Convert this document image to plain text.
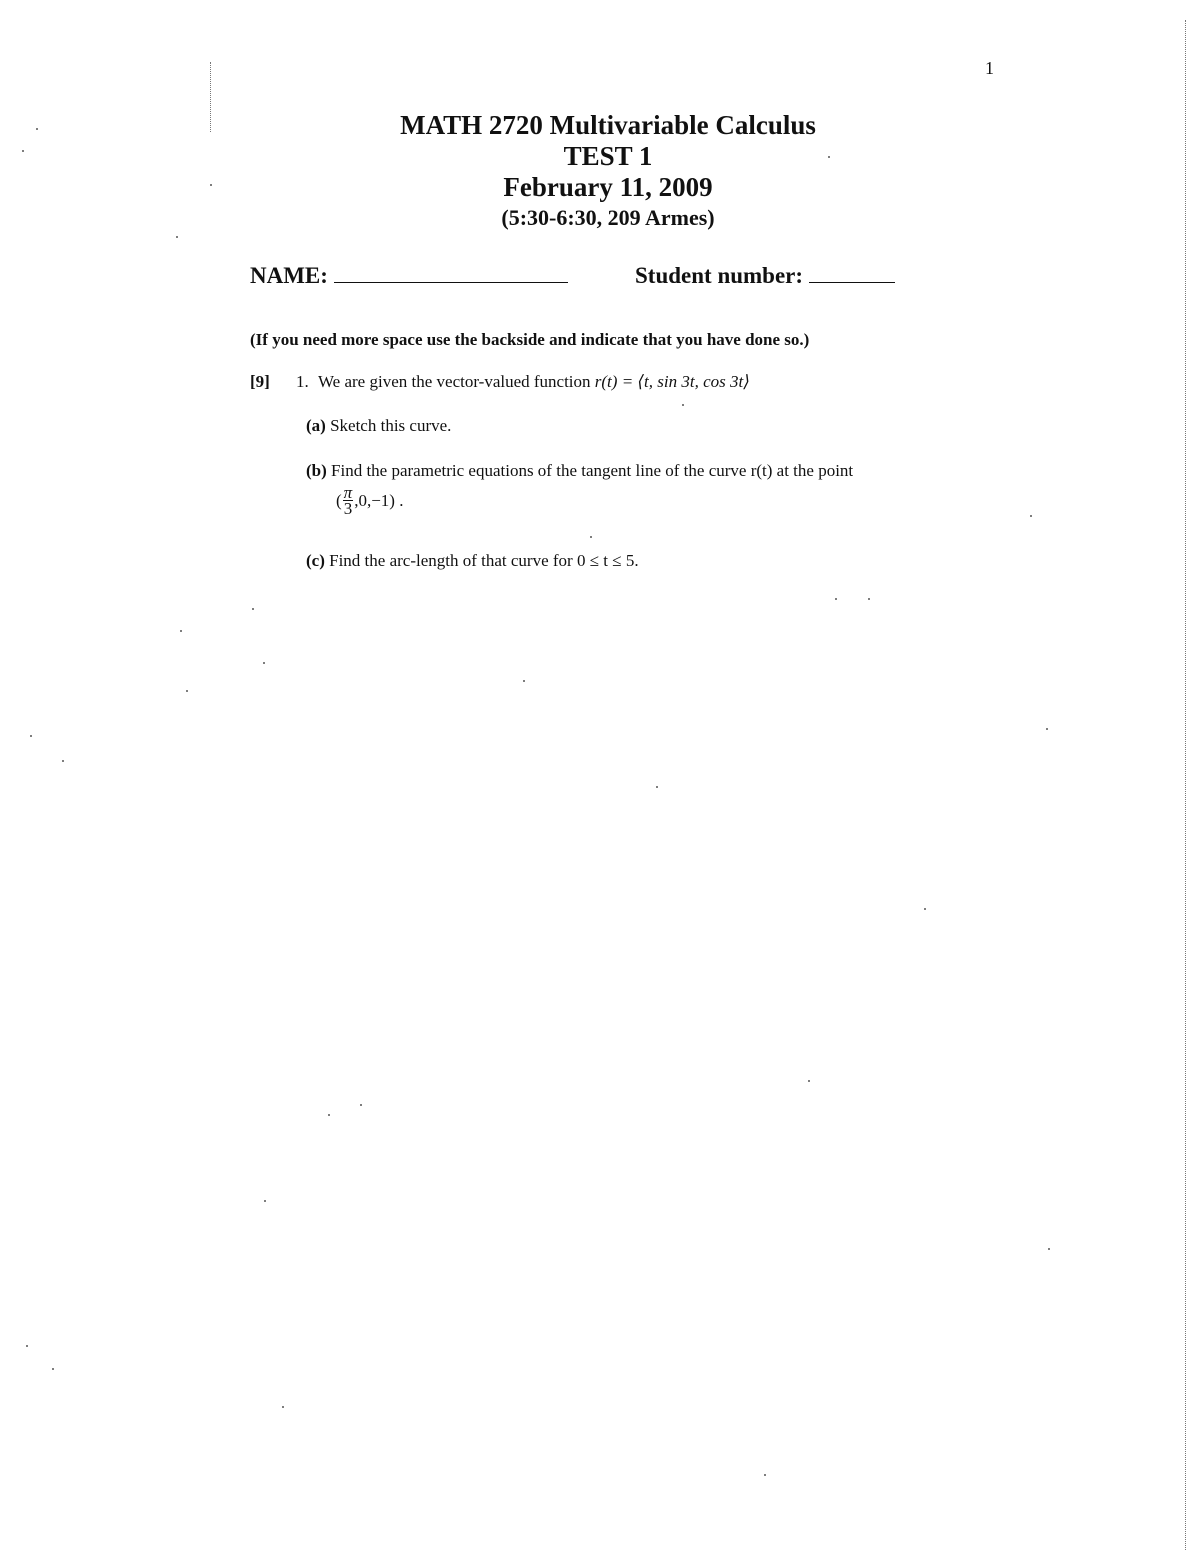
1
MATH 2720 Multivariable Calculus
TEST 1
February 11, 2009
(5:30-6:30, 209 Armes)
NAME:	Student number:
(If you need more space use the backside and indicate that you have done so.)
[9] 1. We are given the vector-valued function r(t) = ⟨t, sin 3t, cos 3t⟩
(a) Sketch this curve.
(b) Find the parametric equations of the tangent line of the curve r(t) at the point
( $\frac{\pi}{3} ,0,-1$) .
(c) Find the arc-length of that curve for 0 ≤ t ≤ 5.
